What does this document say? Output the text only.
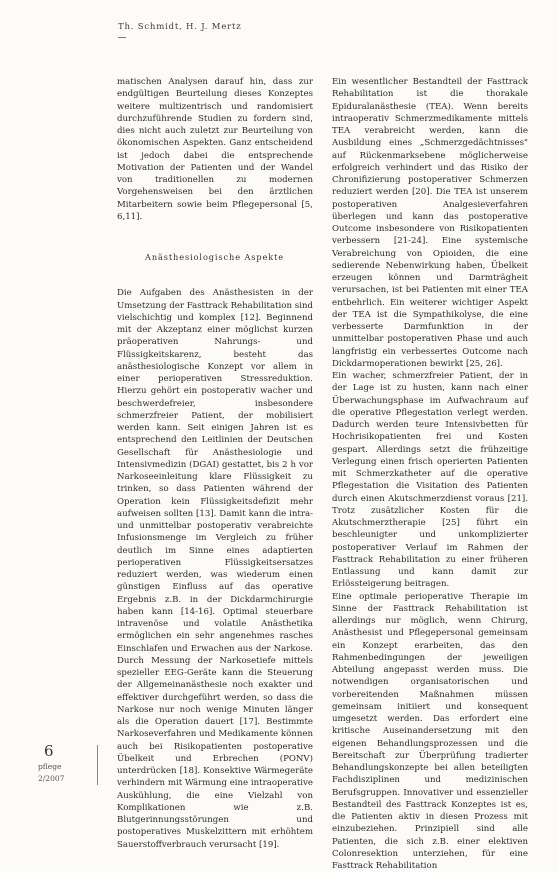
Th. Schmidt, H. J. Mertz

matischen Analysen darauf hin, dass zur endgültigen Beurteilung dieses Konzeptes weitere multizentrisch und randomisiert durchzuführende Studien zu fordern sind, dies nicht auch zuletzt zur Beurteilung von ökonomischen Aspekten. Ganz entscheidend ist jedoch dabei die entsprechende Motivation der Patienten und der Wandel von traditionellen zu modernen Vorgehensweisen bei den ärztlichen Mitarbeitern sowie beim Pflegepersonal [5, 6,11].

Anästhesiologische Aspekte

Die Aufgaben des Anästhesisten in der Umsetzung der Fasttrack Rehabilitation sind vielschichtig und komplex [12]. Beginnend mit der Akzeptanz einer möglichst kurzen präoperativen Nahrungs- und Flüssigkeitskarenz, besteht das anästhesiologische Konzept vor allem in einer perioperativen Stressreduktion. Hierzu gehört ein postoperativ wacher und beschwerdefreier, insbesondere schmerzfreier Patient, der mobilisiert werden kann. Seit einigen Jahren ist es entsprechend den Leitlinien der Deutschen Gesellschaft für Anästhesiologie und Intensivmedizin (DGAI) gestattet, bis 2 h vor Narkoseeinleitung klare Flüssigkeit zu trinken, so dass Patienten während der Operation kein Flüssigkeitsdefizit mehr aufweisen sollten [13]. Damit kann die intra- und unmittelbar postoperativ verabreichte Infusionsmenge im Vergleich zu früher deutlich im Sinne eines adaptierten perioperativen Flüssigkeitsersatzes reduziert werden, was wiederum einen günstigen Einfluss auf das operative Ergebnis z.B. in der Dickdarmchirurgie haben kann [14-16]. Optimal steuerbare intravenöse und volatile Anästhetika ermöglichen ein sehr angenehmes rasches Einschlafen und Erwachen aus der Narkose. Durch Messung der Narkosetiefe mittels spezieller EEG-Geräte kann die Steuerung der Allgemeinanästhesie noch exakter und effektiver durchgeführt werden, so dass die Narkose nur noch wenige Minuten länger als die Operation dauert [17]. Bestimmte Narkoseverfahren und Medikamente können auch bei Risikopatienten postoperative Übelkeit und Erbrechen (PONV) unterdrücken [18]. Konsektive Wärmegeräte verhindern mit Wärmung eine intraoperative Auskühlung, die eine Vielzahl von Komplikationen wie z.B. Blutgerinnungsstörungen und postoperatives Muskelzittern mit erhöhtem Sauerstoffverbrauch verursacht [19].

Ein wesentlicher Bestandteil der Fasttrack Rehabilitation ist die thorakale Epiduralanästhesie (TEA). Wenn bereits intraoperativ Schmerzmedikamente mittels TEA verabreicht werden, kann die Ausbildung eines „Schmerzgedächtnisses" auf Rückenmarksebene möglicherweise erfolgreich verhindert und das Risiko der Chronifizierung postoperativer Schmerzen reduziert werden [20]. Die TEA ist unserem postoperativen Analgesieverfahren überlegen und kann das postoperative Outcome insbesondere von Risikopatienten verbessern [21-24]. Eine systemische Verabreichung von Opioiden, die eine sedierende Nebenwirkung haben, Übelkeit erzeugen können und Darmträgheit verursachen, ist bei Patienten mit einer TEA entbehrlich. Ein weiterer wichtiger Aspekt der TEA ist die Sympathikolyse, die eine verbesserte Darmfunktion in der unmittelbar postoperativen Phase und auch langfristig ein verbessertes Outcome nach Dickdarmoperationen bewirkt [25, 26].

Ein wacher, schmerzfreier Patient, der in der Lage ist zu husten, kann nach einer Überwachungsphase im Aufwachraum auf die operative Pflegestation verlegt werden. Dadurch werden teure Intensivbetten für Hochrisikopatienten frei und Kosten gespart. Allerdings setzt die frühzeitige Verlegung einen frisch operierten Patienten mit Schmerzkatheter auf die operative Pflegestation die Visitation des Patienten durch einen Akutschmerzdienst voraus [21]. Trotz zusätzlicher Kosten für die Akutschmerztherapie [25] führt ein beschleunigter und unkomplizierter postoperativer Verlauf im Rahmen der Fasttrack Rehabilitation zu einer früheren Entlassung und kann damit zur Erlössteigerung beitragen.

Eine optimale perioperative Therapie im Sinne der Fasttrack Rehabilitation ist allerdings nur möglich, wenn Chirurg, Anästhesist und Pflegepersonal gemeinsam ein Konzept erarbeiten, das den Rahmenbedingungen der jeweiligen Abteilung angepasst werden muss. Die notwendigen organisatorischen und vorbereitenden Maßnahmen müssen gemeinsam initiiert und konsequent umgesetzt werden. Das erfordert eine kritische Auseinandersetzung mit den eigenen Behandlungsprozessen und die Bereitschaft zur Überprüfung tradierter Behandlungskonzepte bei allen beteiligten Fachdisziplinen und medizinischen Berufsgruppen. Innovativer und essenzieller Bestandteil des Fasttrack Konzeptes ist es, die Patienten aktiv in diesen Prozess mit einzubeziehen. Prinzipiell sind alle Patienten, die sich z.B. einer elektiven Colonresektion unterziehen, für eine Fasttrack Rehabilitation

6
pflege
2/2007
